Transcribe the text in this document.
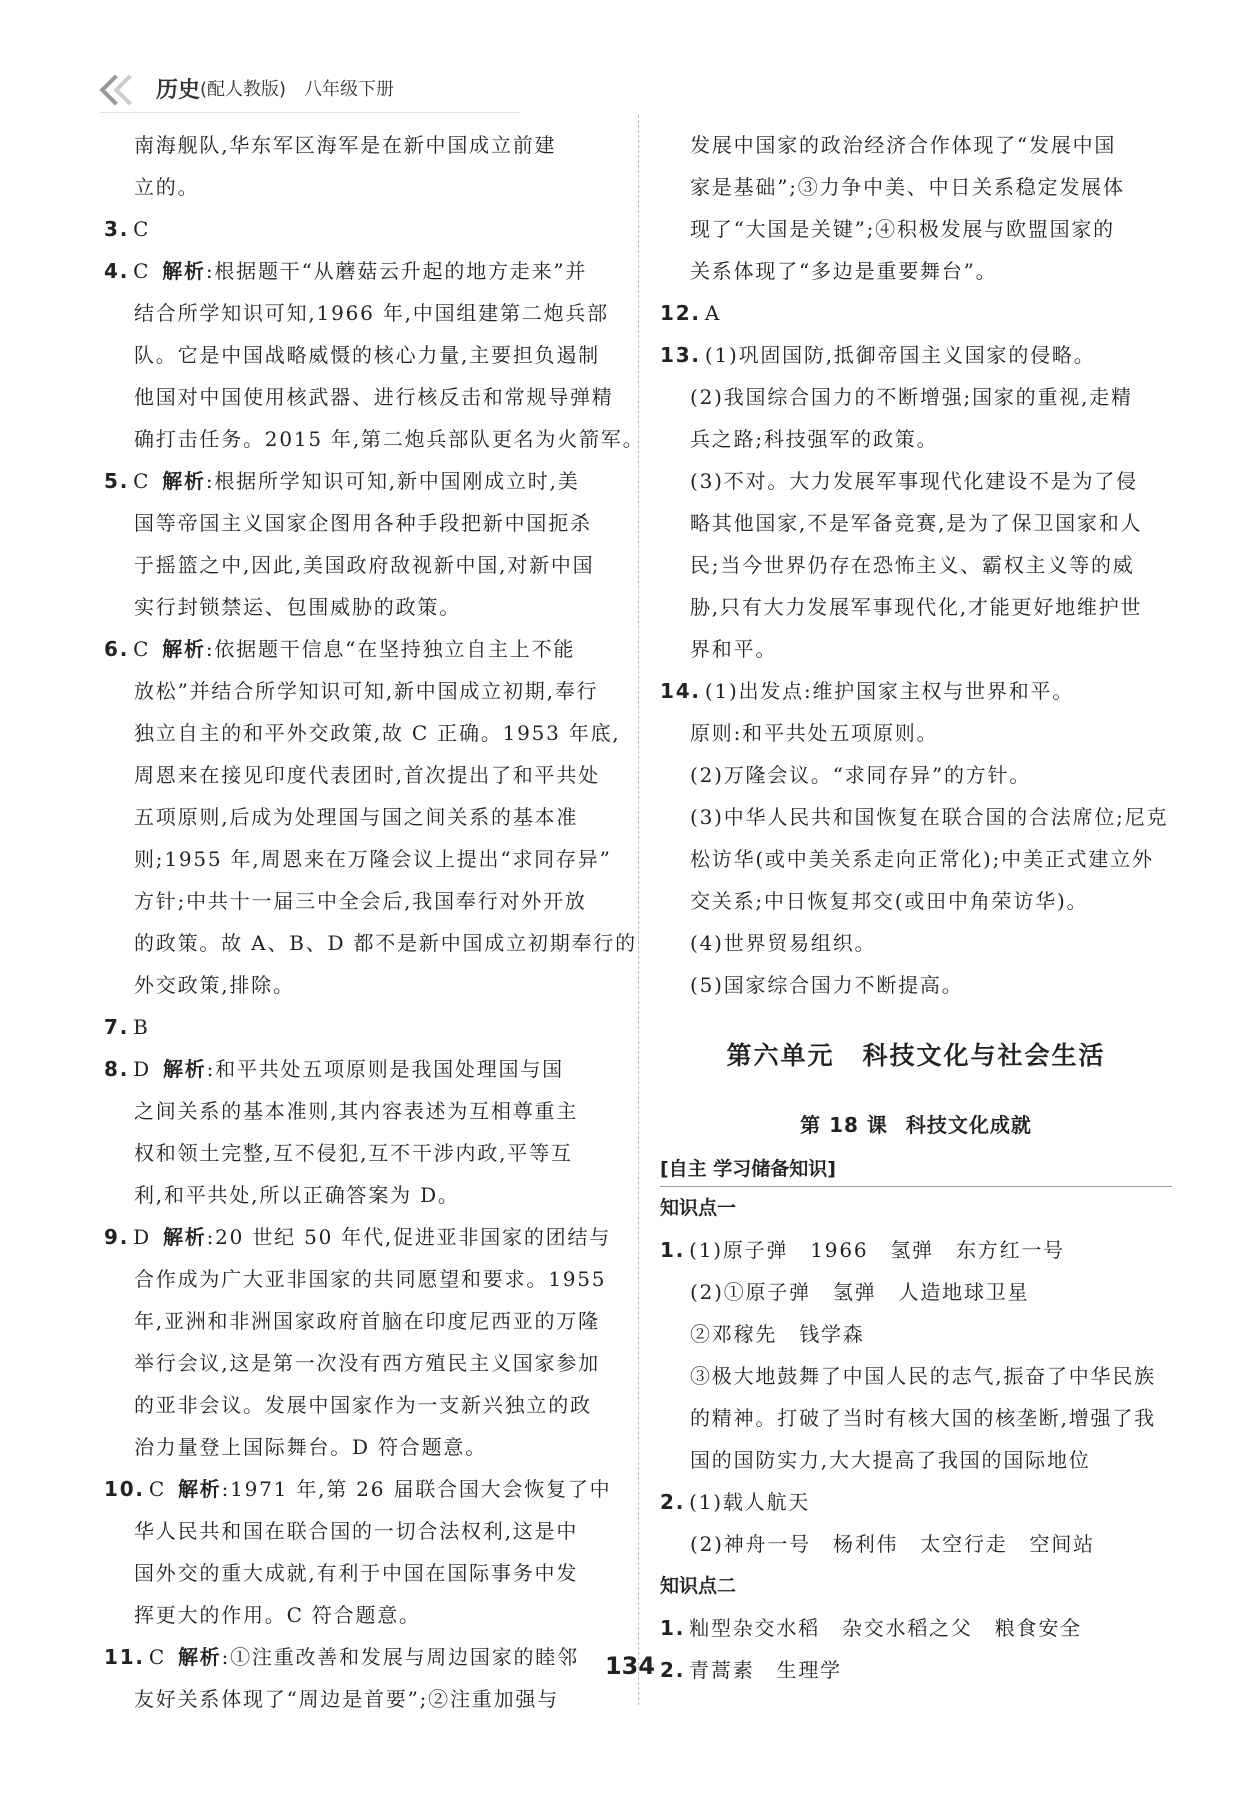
历史 (配人教版) 八年级下册
南海舰队,华东军区海军是在新中国成立前建
立的。
3. C
4. C 解析:根据题干“从蘑菇云升起的地方走来”并
结合所学知识可知,1966 年,中国组建第二炮兵部
队。它是中国战略威慑的核心力量,主要担负遏制
他国对中国使用核武器、进行核反击和常规导弹精
确打击任务。2015 年,第二炮兵部队更名为火箭军。
5. C 解析:根据所学知识可知,新中国刚成立时,美
国等帝国主义国家企图用各种手段把新中国扼杀
于摇篮之中,因此,美国政府敌视新中国,对新中国
实行封锁禁运、包围威胁的政策。
6. C 解析:依据题干信息“在坚持独立自主上不能
放松”并结合所学知识可知,新中国成立初期,奉行
独立自主的和平外交政策,故 C 正确。1953 年底,
周恩来在接见印度代表团时,首次提出了和平共处
五项原则,后成为处理国与国之间关系的基本准
则;1955 年,周恩来在万隆会议上提出“求同存异”
方针;中共十一届三中全会后,我国奉行对外开放
的政策。故 A、B、D 都不是新中国成立初期奉行的
外交政策,排除。
7. B
8. D 解析:和平共处五项原则是我国处理国与国
之间关系的基本准则,其内容表述为互相尊重主
权和领土完整,互不侵犯,互不干涉内政,平等互
利,和平共处,所以正确答案为 D。
9. D 解析:20 世纪 50 年代,促进亚非国家的团结与
合作成为广大亚非国家的共同愿望和要求。1955
年,亚洲和非洲国家政府首脑在印度尼西亚的万隆
举行会议,这是第一次没有西方殖民主义国家参加
的亚非会议。发展中国家作为一支新兴独立的政
治力量登上国际舞台。D 符合题意。
10. C 解析:1971 年,第 26 届联合国大会恢复了中
华人民共和国在联合国的一切合法权利,这是中
国外交的重大成就,有利于中国在国际事务中发
挥更大的作用。C 符合题意。
11. C 解析:①注重改善和发展与周边国家的睦邻
友好关系体现了“周边是首要”;②注重加强与
发展中国家的政治经济合作体现了“发展中国
家是基础”;③力争中美、中日关系稳定发展体
现了“大国是关键”;④积极发展与欧盟国家的
关系体现了“多边是重要舞台”。
12. A
13. (1)巩固国防,抵御帝国主义国家的侵略。
(2)我国综合国力的不断增强;国家的重视,走精
兵之路;科技强军的政策。
(3)不对。大力发展军事现代化建设不是为了侵
略其他国家,不是军备竞赛,是为了保卫国家和人
民;当今世界仍存在恐怖主义、霸权主义等的威
胁,只有大力发展军事现代化,才能更好地维护世
界和平。
14. (1)出发点:维护国家主权与世界和平。
原则:和平共处五项原则。
(2)万隆会议。“求同存异”的方针。
(3)中华人民共和国恢复在联合国的合法席位;尼克
松访华(或中美关系走向正常化);中美正式建立外
交关系;中日恢复邦交(或田中角荣访华)。
(4)世界贸易组织。
(5)国家综合国力不断提高。
第六单元 科技文化与社会生活
第 18 课 科技文化成就
[自主 学习储备知识]
知识点一
1. (1)原子弹 1966 氢弹 东方红一号
(2)①原子弹 氢弹 人造地球卫星
②邓稼先 钱学森
③极大地鼓舞了中国人民的志气,振奋了中华民族
的精神。打破了当时有核大国的核垄断,增强了我
国的国防实力,大大提高了我国的国际地位
2. (1)载人航天
(2)神舟一号 杨利伟 太空行走 空间站
知识点二
1. 籼型杂交水稻 杂交水稻之父 粮食安全
2. 青蒿素 生理学
134
